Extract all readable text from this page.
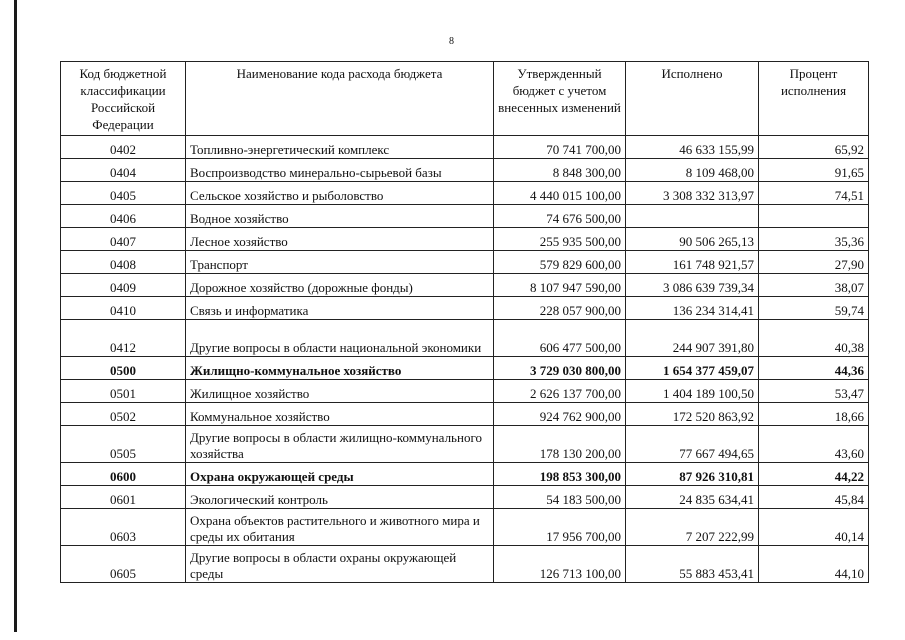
8
Код бюджетной классификации Российской Федерации	Наименование кода расхода бюджета	Утвержденный бюджет с учетом внесенных изменений	Исполнено	Процент исполнения
0402	Топливно-энергетический комплекс	70 741 700,00	46 633 155,99	65,92
0404	Воспроизводство минерально-сырьевой базы	8 848 300,00	8 109 468,00	91,65
0405	Сельское хозяйство и рыболовство	4 440 015 100,00	3 308 332 313,97	74,51
0406	Водное хозяйство	74 676 500,00		
0407	Лесное хозяйство	255 935 500,00	90 506 265,13	35,36
0408	Транспорт	579 829 600,00	161 748 921,57	27,90
0409	Дорожное хозяйство (дорожные фонды)	8 107 947 590,00	3 086 639 739,34	38,07
0410	Связь и информатика	228 057 900,00	136 234 314,41	59,74
0412	Другие вопросы в области национальной экономики	606 477 500,00	244 907 391,80	40,38
0500	Жилищно-коммунальное хозяйство	3 729 030 800,00	1 654 377 459,07	44,36
0501	Жилищное хозяйство	2 626 137 700,00	1 404 189 100,50	53,47
0502	Коммунальное хозяйство	924 762 900,00	172 520 863,92	18,66
0505	Другие вопросы в области жилищно-коммунального хозяйства	178 130 200,00	77 667 494,65	43,60
0600	Охрана окружающей среды	198 853 300,00	87 926 310,81	44,22
0601	Экологический контроль	54 183 500,00	24 835 634,41	45,84
0603	Охрана объектов растительного и животного мира и среды их обитания	17 956 700,00	7 207 222,99	40,14
0605	Другие вопросы в области охраны окружающей среды	126 713 100,00	55 883 453,41	44,10
